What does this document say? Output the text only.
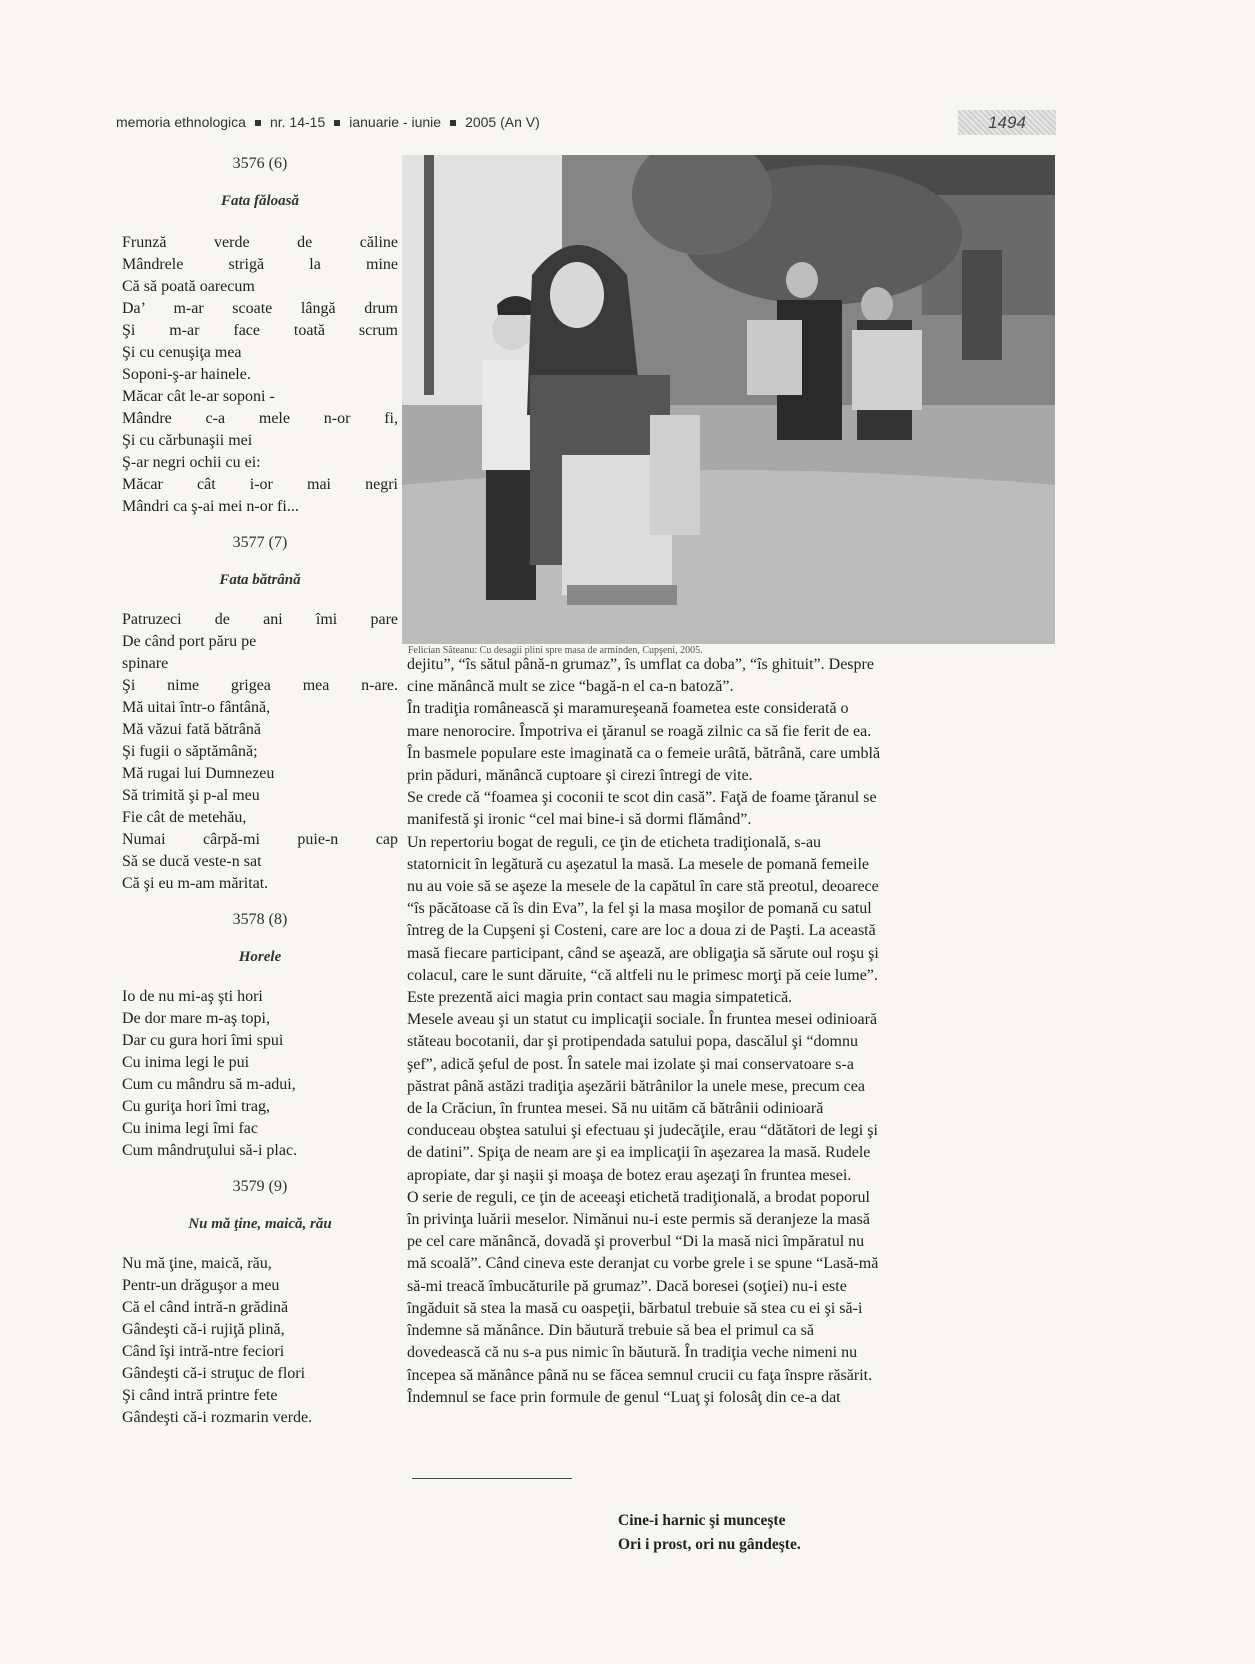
memoria ethnologica nr. 14-15 ianuarie - iunie 2005 (An V)	1494
3576 (6)
Fata făloasă
Frunză verde de căline
Mândrele strigă la mine
Că să poată oarecum
Da’ m-ar scoate lângă drum
Şi m-ar face toată scrum
Şi cu cenuşiţa mea
Soponi-ş-ar hainele.
Măcar cât le-ar soponi -
Mândre c-a mele n-or fi,
Şi cu cărbunaşii mei
Ş-ar negri ochii cu ei:
Măcar cât i-or mai negri
Mândri ca ş-ai mei n-or fi...
3577 (7)
Fata bătrână
Patruzeci de ani îmi pare
De când port păru pe
spinare
Şi nime grigea mea n-are.
Mă uitai într-o fântână,
Mă văzui fată bătrână
Şi fugii o săptămână;
Mă rugai lui Dumnezeu
Să trimită şi p-al meu
Fie cât de metehău,
Numai cârpă-mi puie-n cap
Să se ducă veste-n sat
Că şi eu m-am măritat.
3578 (8)
Horele
Io de nu mi-aş şti hori
De dor mare m-aş topi,
Dar cu gura hori îmi spui
Cu inima legi le pui
Cum cu mândru să m-adui,
Cu guriţa hori îmi trag,
Cu inima legi îmi fac
Cum mândruţului să-i plac.
3579 (9)
Nu mă ţine, maică, rău
Nu mă ţine, maică, rău,
Pentr-un drăguşor a meu
Că el când intră-n grădină
Gândeşti că-i rujiţă plină,
Când îşi intră-ntre feciori
Gândeşti că-i struţuc de flori
Şi când intră printre fete
Gândeşti că-i rozmarin verde.
Felician Săteanu: Cu desagii plini spre masa de arminden, Cupşeni, 2005.
dejitu”, “îs sătul până-n grumaz”, îs umflat ca doba”, “îs ghituit”. Despre
cine mănâncă mult se zice “bagă-n el ca-n batoză”.
În tradiţia românească şi maramureşeană foametea este considerată o
mare nenorocire. Împotriva ei ţăranul se roagă zilnic ca să fie ferit de ea.
În basmele populare este imaginată ca o femeie urâtă, bătrână, care umblă
prin păduri, mănâncă cuptoare şi cirezi întregi de vite.
Se crede că “foamea şi coconii te scot din casă”. Faţă de foame ţăranul se
manifestă şi ironic “cel mai bine-i să dormi flămând”.
Un repertoriu bogat de reguli, ce ţin de eticheta tradiţională, s-au
statornicit în legătură cu aşezatul la masă. La mesele de pomană femeile
nu au voie să se aşeze la mesele de la capătul în care stă preotul, deoarece
“îs păcătoase că îs din Eva”, la fel şi la masa moşilor de pomană cu satul
întreg de la Cupşeni şi Costeni, care are loc a doua zi de Paşti. La această
masă fiecare participant, când se aşează, are obligaţia să sărute oul roşu şi
colacul, care le sunt dăruite, “că altfeli nu le primesc morţi pă ceie lume”.
Este prezentă aici magia prin contact sau magia simpatetică.
Mesele aveau şi un statut cu implicaţii sociale. În fruntea mesei odinioară
stăteau bocotanii, dar şi protipendada satului popa, dascălul şi “domnu
şef”, adică şeful de post. În satele mai izolate şi mai conservatoare s-a
păstrat până astăzi tradiţia aşezării bătrânilor la unele mese, precum cea
de la Crăciun, în fruntea mesei. Să nu uităm că bătrânii odinioară
conduceau obştea satului şi efectuau şi judecăţile, erau “dătători de legi şi
de datini”. Spiţa de neam are şi ea implicaţii în aşezarea la masă. Rudele
apropiate, dar şi naşii şi moaşa de botez erau aşezaţi în fruntea mesei.
O serie de reguli, ce ţin de aceeaşi etichetă tradiţională, a brodat poporul
în privinţa luării meselor. Nimănui nu-i este permis să deranjeze la masă
pe cel care mănâncă, dovadă şi proverbul “Di la masă nici împăratul nu
mă scoală”. Când cineva este deranjat cu vorbe grele i se spune “Lasă-mă
să-mi treacă îmbucăturile pă grumaz”. Dacă boresei (soţiei) nu-i este
îngăduit să stea la masă cu oaspeţii, bărbatul trebuie să stea cu ei şi să-i
îndemne să mănânce. Din băutură trebuie să bea el primul ca să
dovedească că nu s-a pus nimic în băutură. În tradiţia veche nimeni nu
începea să mănânce până nu se făcea semnul crucii cu faţa înspre răsărit.
Îndemnul se face prin formule de genul “Luaţ şi folosâţ din ce-a dat
Cine-i harnic şi munceşte
Ori i prost, ori nu gândeşte.
